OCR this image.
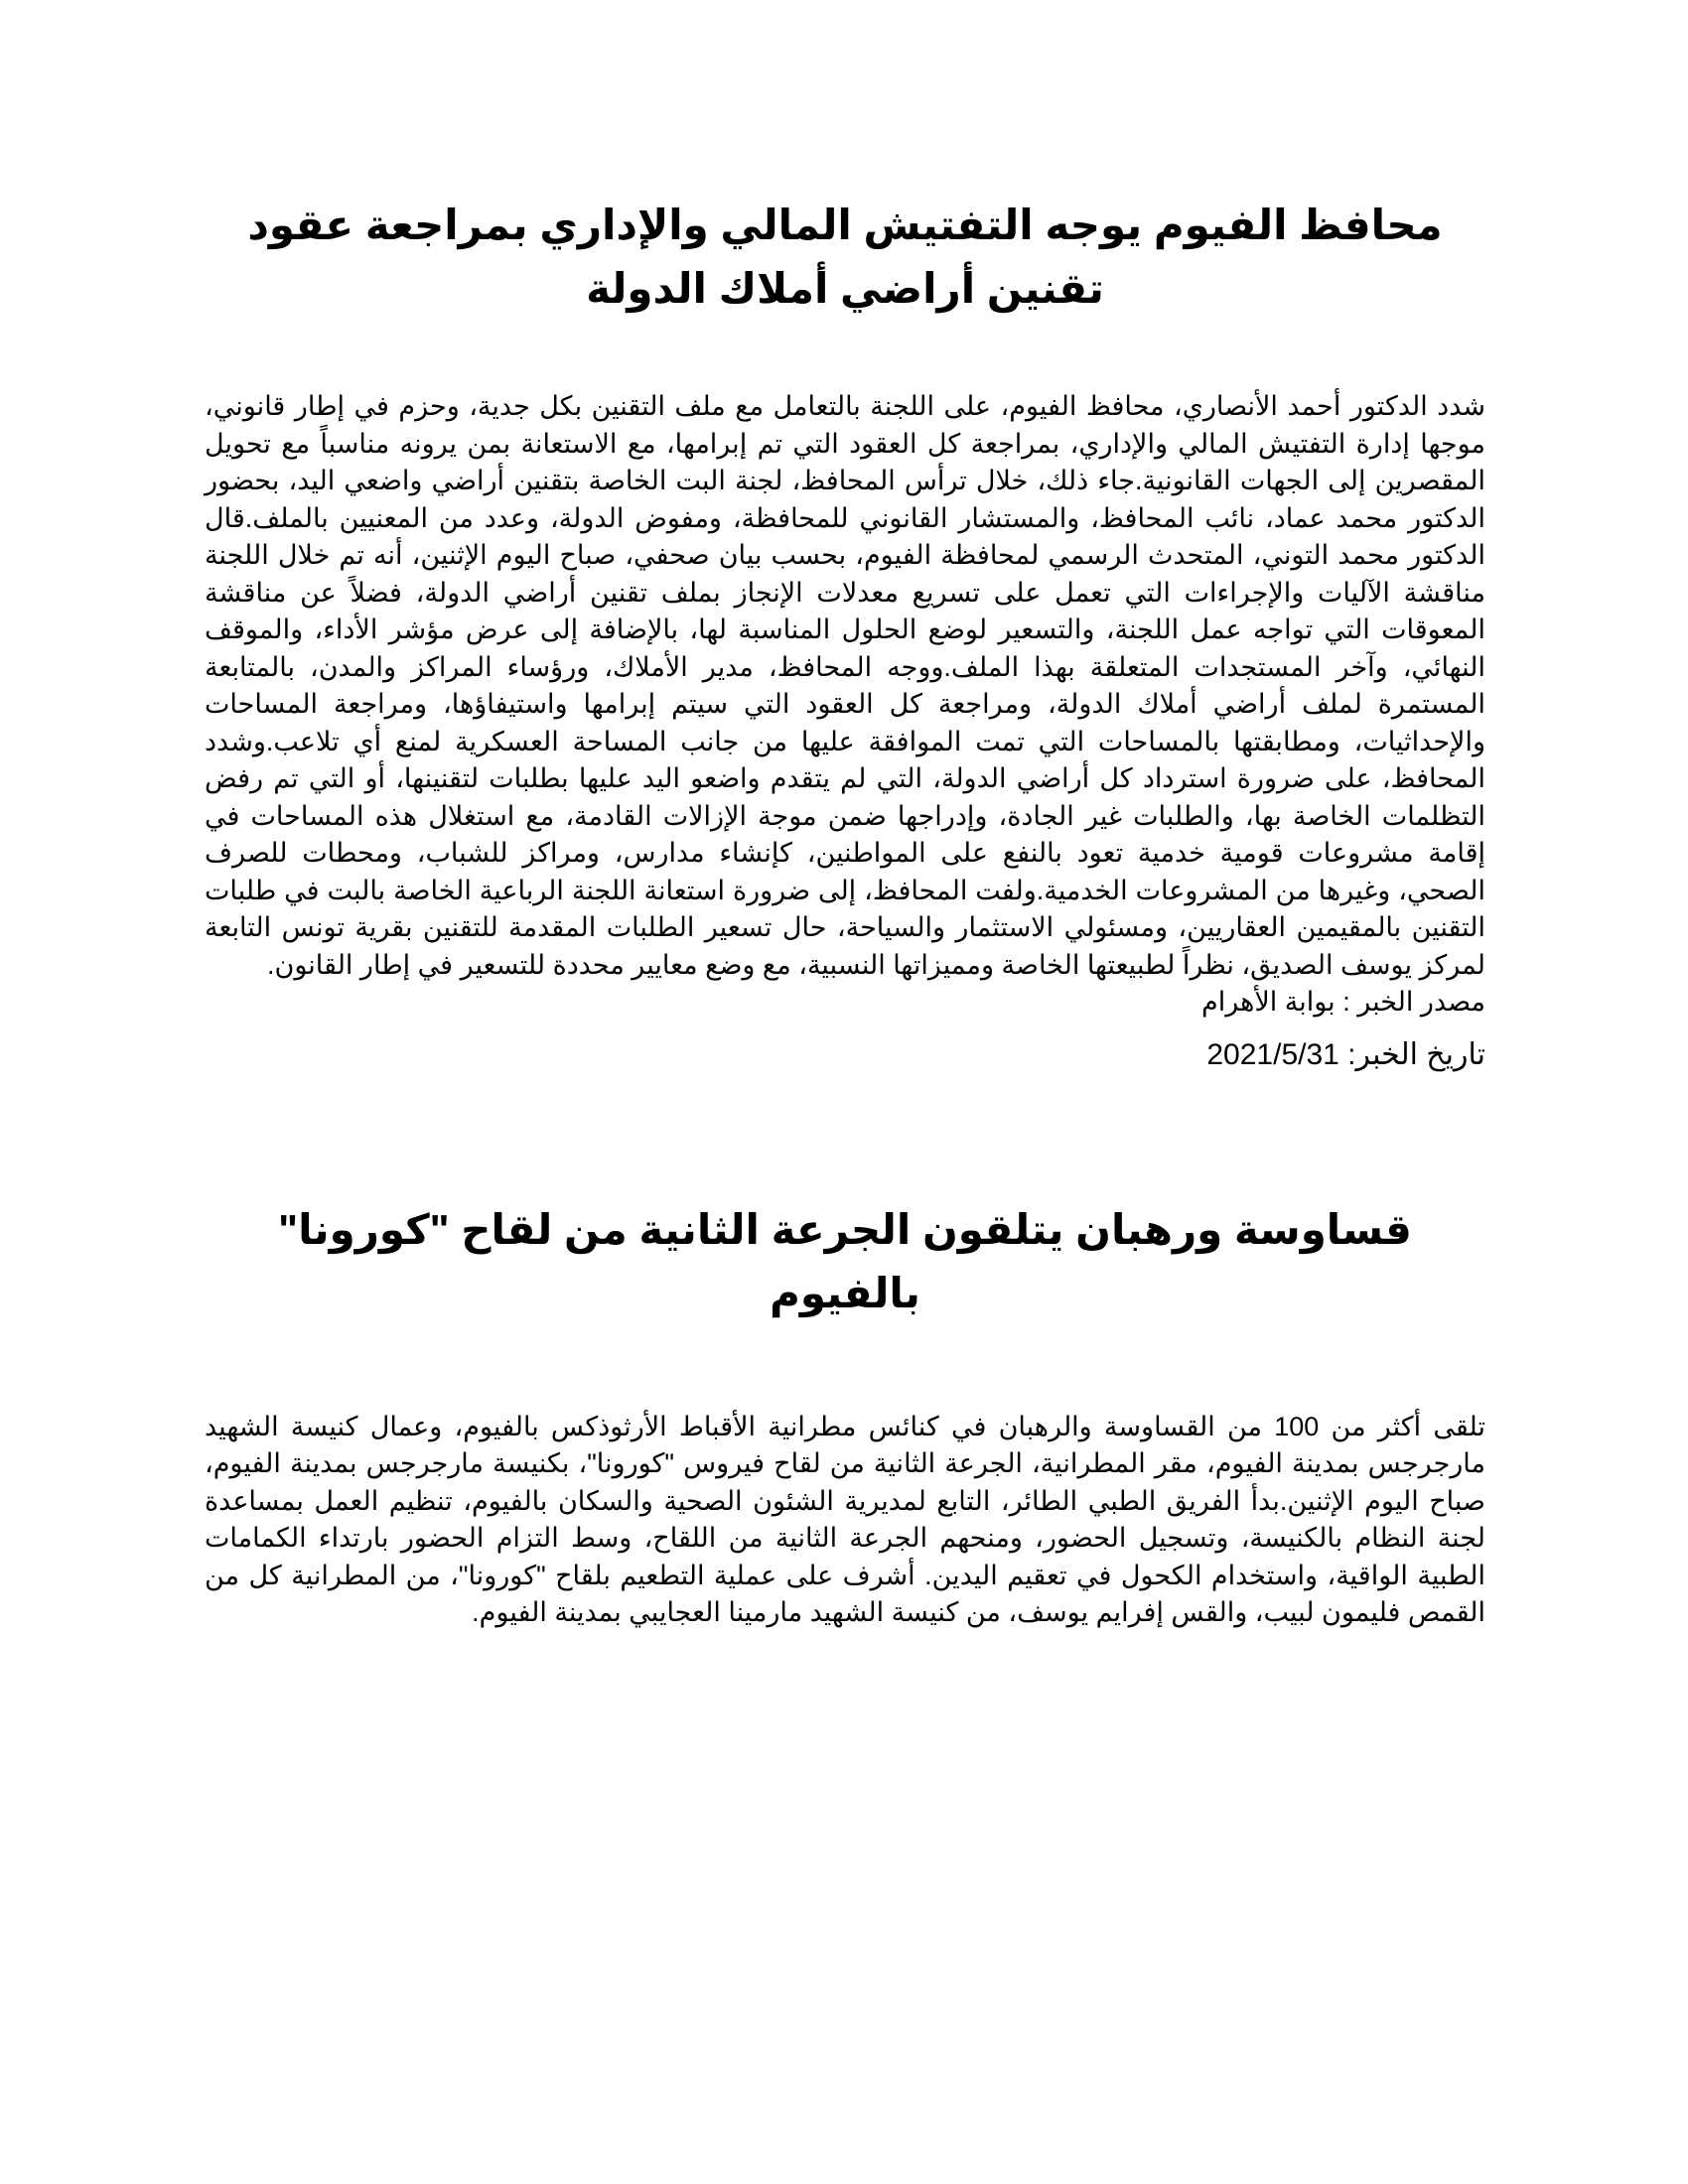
محافظ الفيوم يوجه التفتيش المالي والإداري بمراجعة عقود تقنين أراضي أملاك الدولة

شدد الدكتور أحمد الأنصاري، محافظ الفيوم، على اللجنة بالتعامل مع ملف التقنين بكل جدية، وحزم في إطار قانوني، موجها إدارة التفتيش المالي والإداري، بمراجعة كل العقود التي تم إبرامها، مع الاستعانة بمن يرونه مناسباً مع تحويل المقصرين إلى الجهات القانونية.جاء ذلك، خلال ترأس المحافظ، لجنة البت الخاصة بتقنين أراضي واضعي اليد، بحضور الدكتور محمد عماد، نائب المحافظ، والمستشار القانوني للمحافظة، ومفوض الدولة، وعدد من المعنيين بالملف.قال الدكتور محمد التوني، المتحدث الرسمي لمحافظة الفيوم، بحسب بيان صحفي، صباح اليوم الإثنين، أنه تم خلال اللجنة مناقشة الآليات والإجراءات التي تعمل على تسريع معدلات الإنجاز بملف تقنين أراضي الدولة، فضلاً عن مناقشة المعوقات التي تواجه عمل اللجنة، والتسعير لوضع الحلول المناسبة لها، بالإضافة إلى عرض مؤشر الأداء، والموقف النهائي، وآخر المستجدات المتعلقة بهذا الملف.ووجه المحافظ، مدير الأملاك، ورؤساء المراكز والمدن، بالمتابعة المستمرة لملف أراضي أملاك الدولة، ومراجعة كل العقود التي سيتم إبرامها واستيفاؤها، ومراجعة المساحات والإحداثيات، ومطابقتها بالمساحات التي تمت الموافقة عليها من جانب المساحة العسكرية لمنع أي تلاعب.وشدد المحافظ، على ضرورة استرداد كل أراضي الدولة، التي لم يتقدم واضعو اليد عليها بطلبات لتقنينها، أو التي تم رفض التظلمات الخاصة بها، والطلبات غير الجادة، وإدراجها ضمن موجة الإزالات القادمة، مع استغلال هذه المساحات في إقامة مشروعات قومية خدمية تعود بالنفع على المواطنين، كإنشاء مدارس، ومراكز للشباب، ومحطات للصرف الصحي، وغيرها من المشروعات الخدمية.ولفت المحافظ، إلى ضرورة استعانة اللجنة الرباعية الخاصة بالبت في طلبات التقنين بالمقيمين العقاريين، ومسئولي الاستثمار والسياحة، حال تسعير الطلبات المقدمة للتقنين بقرية تونس التابعة لمركز يوسف الصديق، نظراً لطبيعتها الخاصة ومميزاتها النسبية، مع وضع معايير محددة للتسعير في إطار القانون.

مصدر الخبر : بوابة الأهرام

تاريخ الخبر: 2021/5/31

قساوسة ورهبان يتلقون الجرعة الثانية من لقاح "كورونا" بالفيوم

تلقى أكثر من 100 من القساوسة والرهبان في كنائس مطرانية الأقباط الأرثوذكس بالفيوم، وعمال كنيسة الشهيد مارجرجس بمدينة الفيوم، مقر المطرانية، الجرعة الثانية من لقاح فيروس "كورونا"، بكنيسة مارجرجس بمدينة الفيوم، صباح اليوم الإثنين.بدأ الفريق الطبي الطائر، التابع لمديرية الشئون الصحية والسكان بالفيوم، تنظيم العمل بمساعدة لجنة النظام بالكنيسة، وتسجيل الحضور، ومنحهم الجرعة الثانية من اللقاح، وسط التزام الحضور بارتداء الكمامات الطبية الواقية، واستخدام الكحول في تعقيم اليدين. أشرف على عملية التطعيم بلقاح "كورونا"، من المطرانية كل من القمص فليمون لبيب، والقس إفرايم يوسف، من كنيسة الشهيد مارمينا العجايبي بمدينة الفيوم.
